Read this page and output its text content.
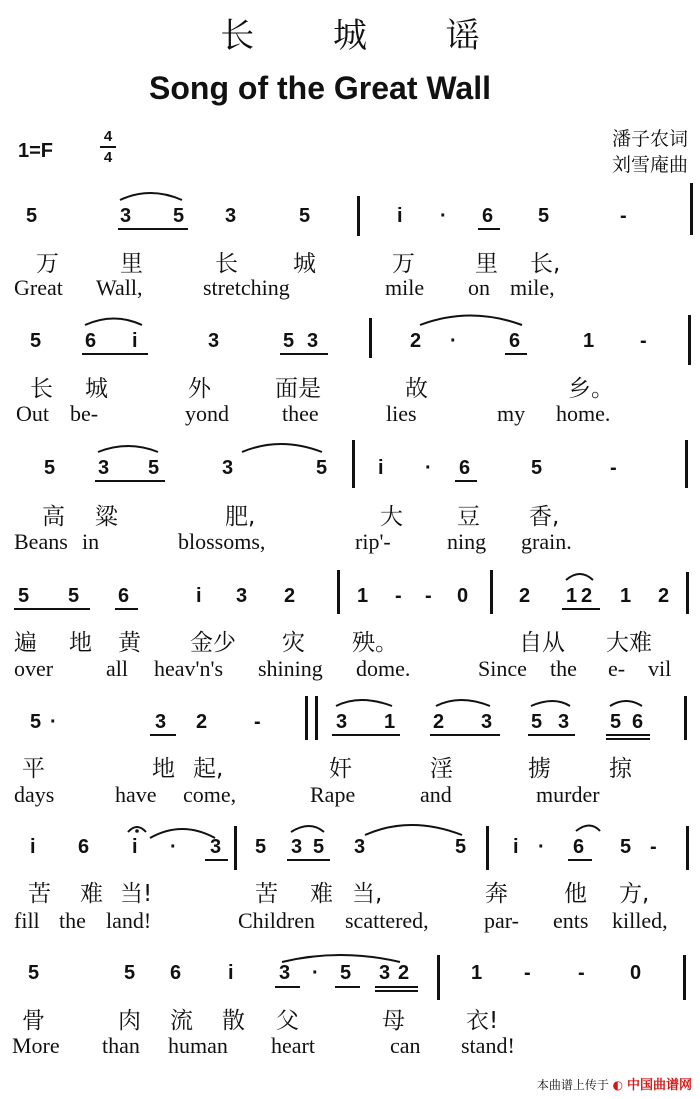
长 城 谣
Song of the Great Wall
1=F
4
4
潘子农词
刘雪庵曲
5	3 5 3	5	i · 6 5	-
万	里	长 城	万	里 长,
Great Wall,	stretching	mile on mile,
5 6 i	3	5 3	2 ·	6	1 -
长 城	外	面是	故	乡。
Out be-	yond thee	lies	my home.
5 3 5	3	5	i · 6	5	-
高 粱	肥,	大 豆 香,
Beans in	blossoms,	rip'-	ning grain.
5 5 6	i 3 2	1 - - 0	2 1 2 1 2
遍 地 黄 金少 灾 殃。	自从 大难
over all heav'n's shining dome.	Since the e- vil
5 ·	3 2 -	3 1 2 3 5 3 5 6
平	地 起,	奸	淫	掳	掠
days	have come,	Rape	and	murder
i 6 i · 3 5 3 5 3	5 i · 6 5 -
苦 难 当!	苦 难 当,	奔 他 方,
fill the land!	Children scattered,	par- ents killed,
5	5 6 i 3 · 5 3 2	1 - - 0
骨	肉 流 散 父	母	衣!
More than human heart	can stand!
本曲谱上传于 ◐ 中国曲谱网
